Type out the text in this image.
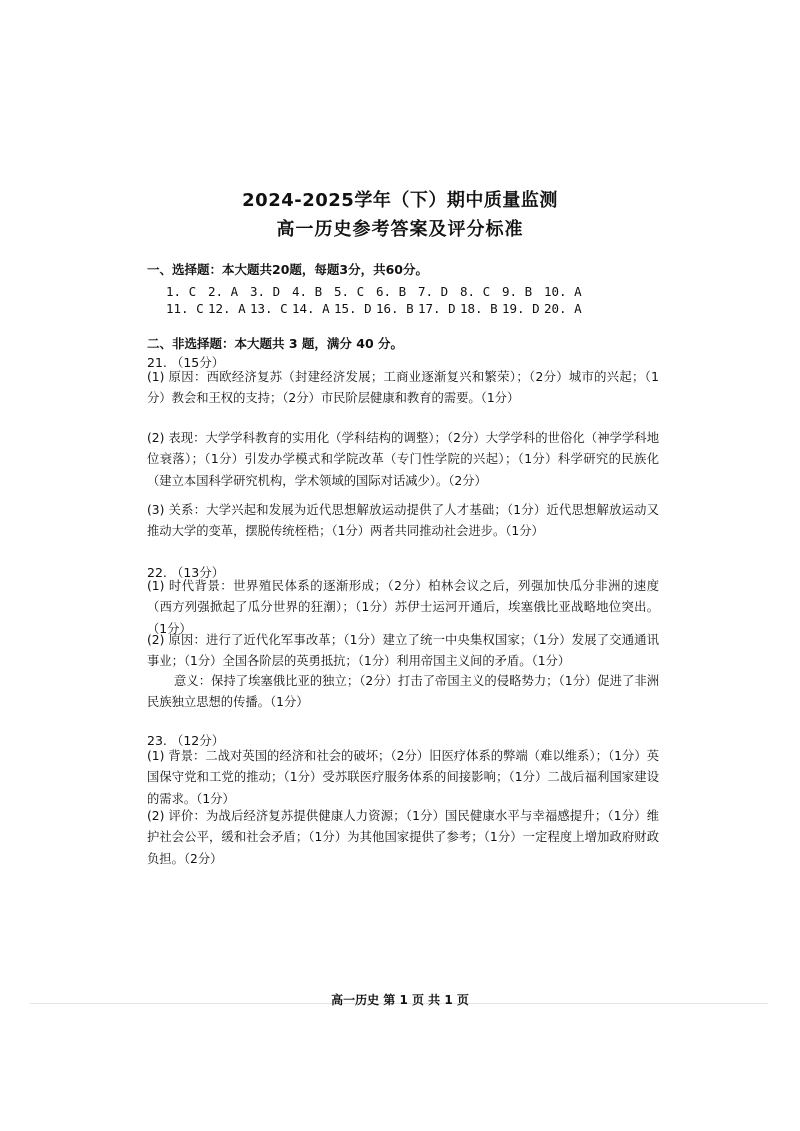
2024-2025学年（下）期中质量监测
高一历史参考答案及评分标准
一、选择题：本大题共20题，每题3分，共60分。
1. C 2. A 3. D 4. B 5. C 6. B 7. D 8. C 9. B 10. A
11. C 12. A 13. C 14. A 15. D 16. B 17. D 18. B 19. D 20. A
二、非选择题：本大题共 3 题，满分 40 分。
21. （15分）

(1) 原因：西欧经济复苏（封建经济发展；工商业逐渐复兴和繁荣）；（2分）城市的兴起；（1分）教会和王权的支持；（2分）市民阶层健康和教育的需要。（1分）

(2) 表现：大学学科教育的实用化（学科结构的调整）；（2分）大学学科的世俗化（神学学科地位衰落）；（1分）引发办学模式和学院改革（专门性学院的兴起）；（1分）科学研究的民族化（建立本国科学研究机构，学术领域的国际对话减少）。（2分）

(3) 关系：大学兴起和发展为近代思想解放运动提供了人才基础；（1分）近代思想解放运动又推动大学的变革，摆脱传统桎梏；（1分）两者共同推动社会进步。（1分）

22. （13分）

(1) 时代背景：世界殖民体系的逐渐形成；（2分）柏林会议之后，列强加快瓜分非洲的速度（西方列强掀起了瓜分世界的狂潮）；（1分）苏伊士运河开通后，埃塞俄比亚战略地位突出。（1分）

(2) 原因：进行了近代化军事改革；（1分）建立了统一中央集权国家；（1分）发展了交通通讯事业；（1分）全国各阶层的英勇抵抗；（1分）利用帝国主义间的矛盾。（1分）

意义：保持了埃塞俄比亚的独立；（2分）打击了帝国主义的侵略势力；（1分）促进了非洲民族独立思想的传播。（1分）

23. （12分）

(1) 背景：二战对英国的经济和社会的破坏；（2分）旧医疗体系的弊端（难以维系）；（1分）英国保守党和工党的推动；（1分）受苏联医疗服务体系的间接影响；（1分）二战后福利国家建设的需求。（1分）

(2) 评价：为战后经济复苏提供健康人力资源；（1分）国民健康水平与幸福感提升；（1分）维护社会公平，缓和社会矛盾；（1分）为其他国家提供了参考；（1分）一定程度上增加政府财政负担。（2分）

高一历史 第 1 页 共 1 页
